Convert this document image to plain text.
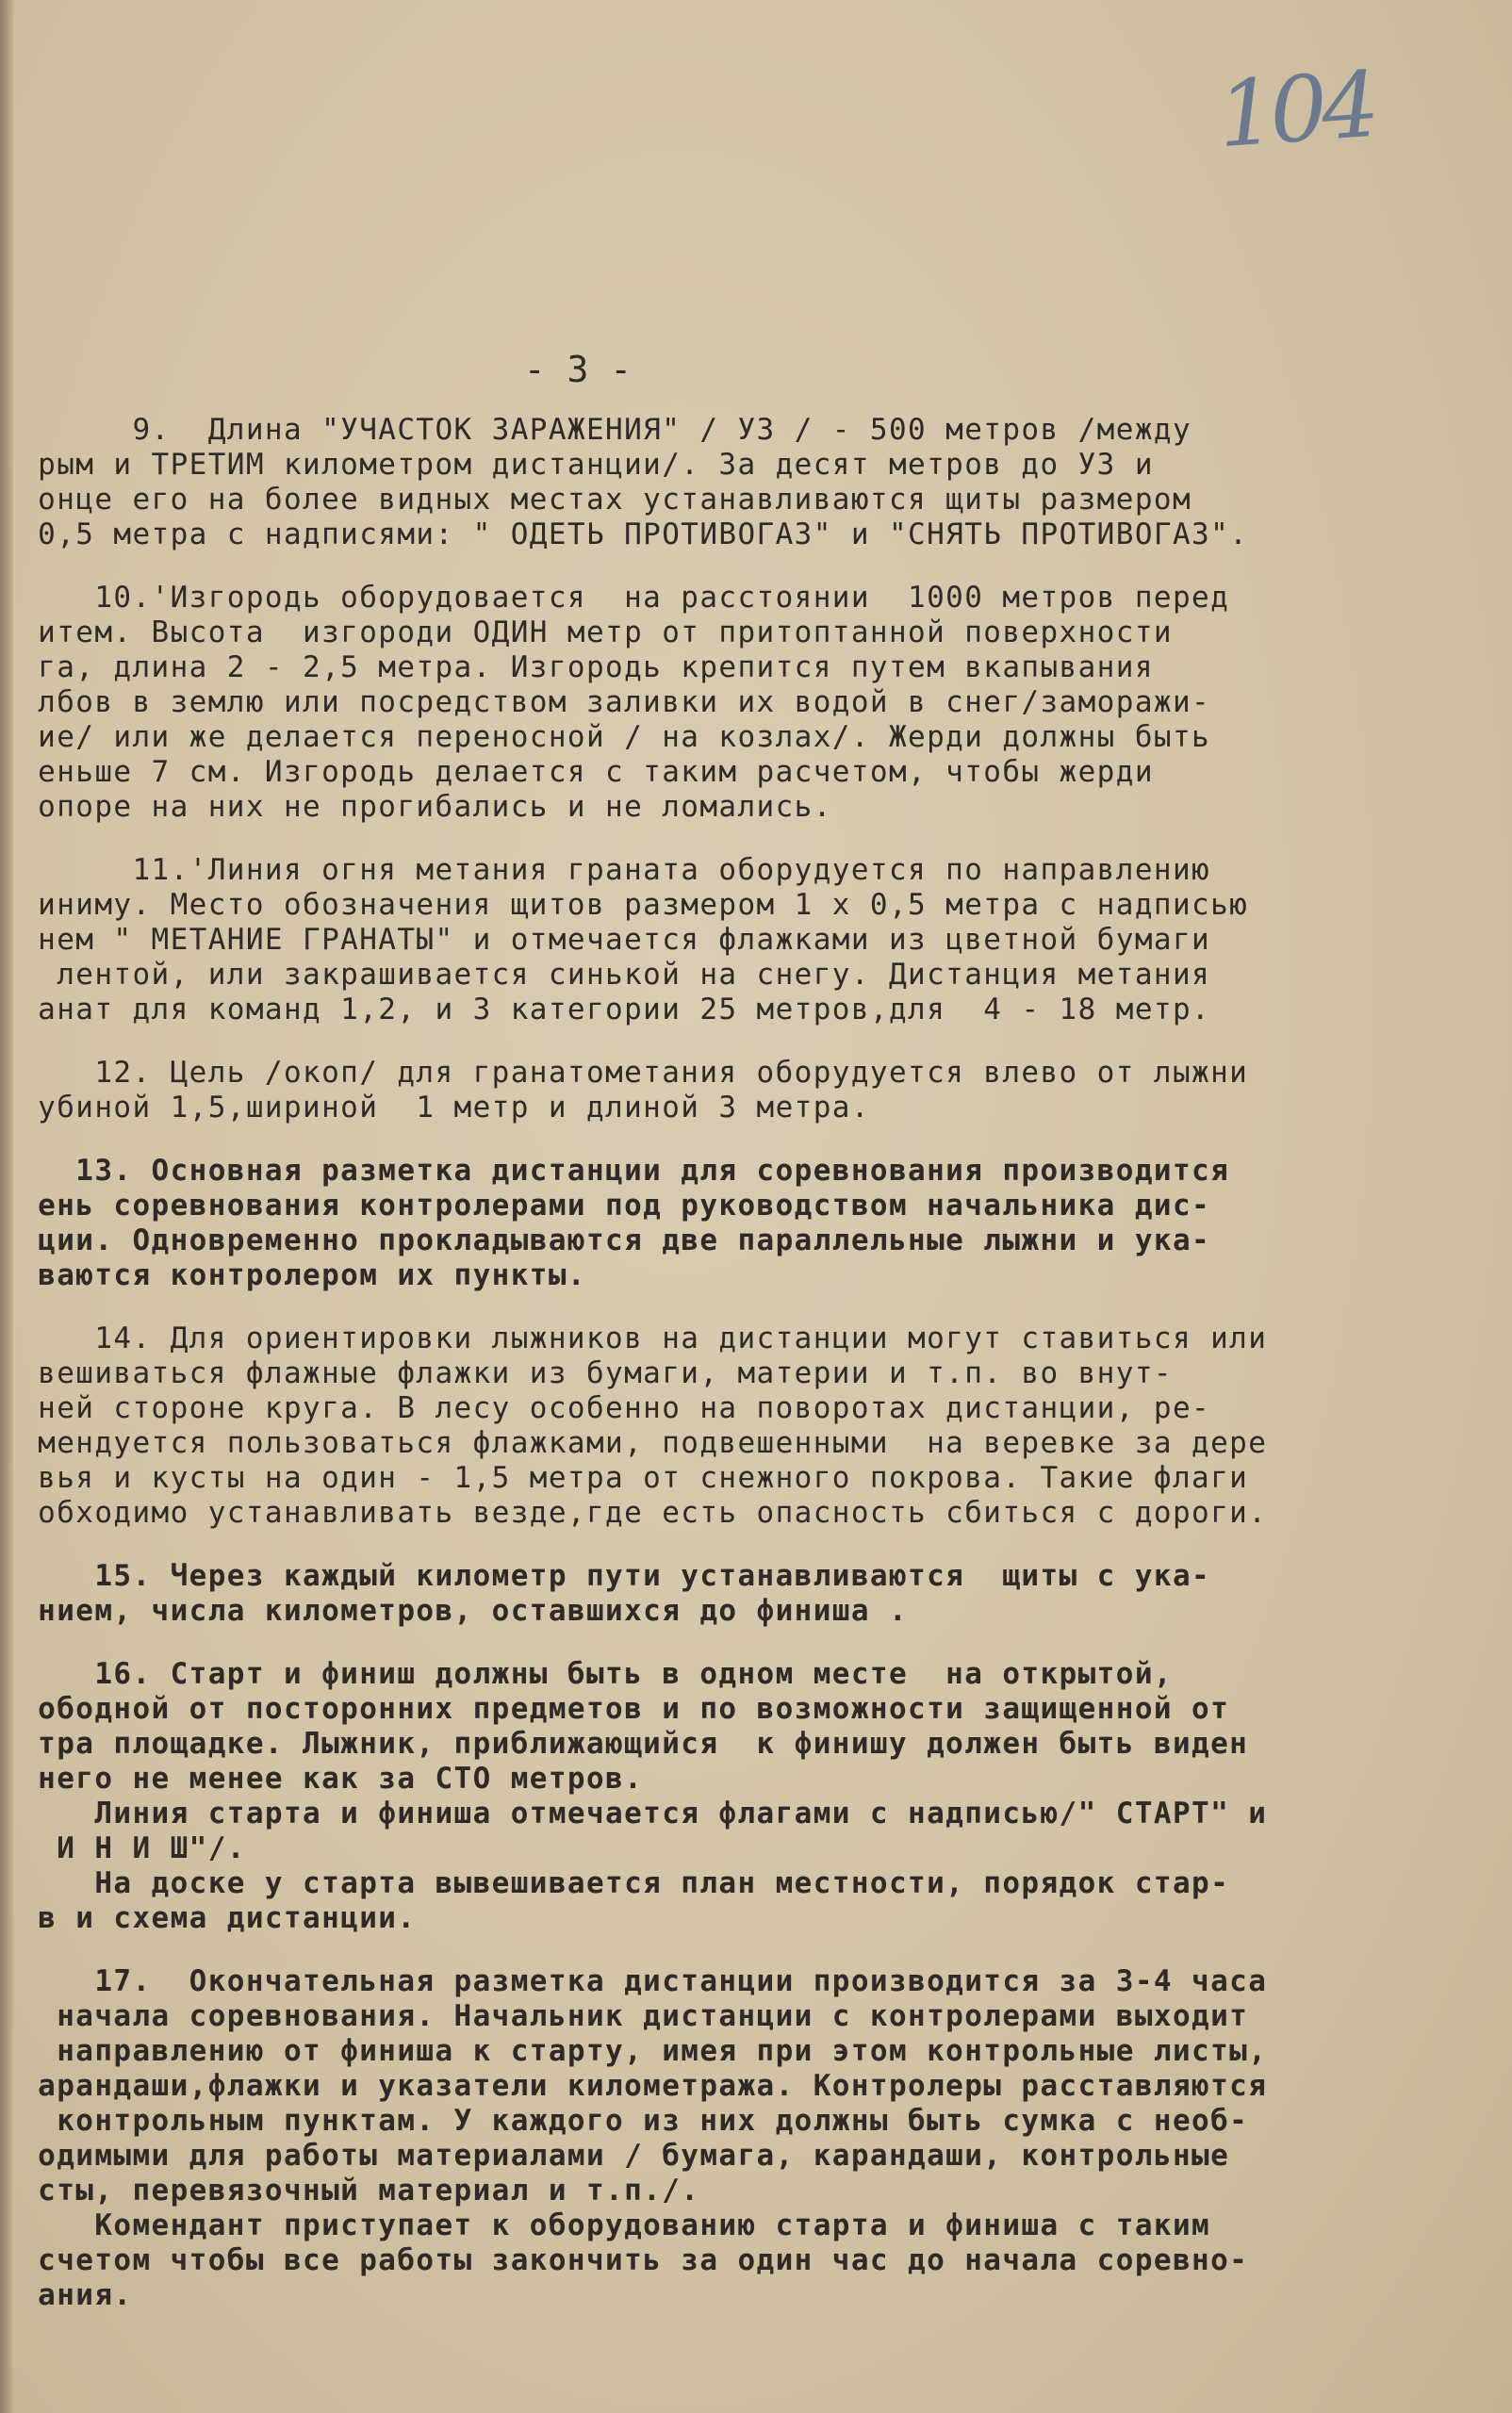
104
- 3 -
9.  Длина "УЧАСТОК ЗАРАЖЕНИЯ" / УЗ / - 500 метров /между
рым и ТРЕТИМ километром дистанции/. За десят метров до УЗ и
онце его на более видных местах устанавливаются щиты размером
0,5 метра с надписями: " ОДЕТЬ ПРОТИВОГАЗ" и "СНЯТЬ ПРОТИВОГАЗ".
10.'Изгородь оборудовается  на расстоянии  1000 метров перед
итем. Высота  изгороди ОДИН метр от притоптанной поверхности
га, длина 2 - 2,5 метра. Изгородь крепится путем вкапывания
лбов в землю или посредством заливки их водой в снег/заморажи-
ие/ или же делается переносной / на козлах/. Жерди должны быть
еньше 7 см. Изгородь делается с таким расчетом, чтобы жерди
опоре на них не прогибались и не ломались.
11.'Линия огня метания граната оборудуется по направлению
иниму. Место обозначения щитов размером 1 х 0,5 метра с надписью
нем " МЕТАНИЕ ГРАНАТЫ" и отмечается флажками из цветной бумаги
лентой, или закрашивается синькой на снегу. Дистанция метания
анат для команд 1,2, и 3 категории 25 метров,для  4 - 18 метр.
12. Цель /окоп/ для гранатометания оборудуется влево от лыжни
убиной 1,5,шириной  1 метр и длиной 3 метра.
13. Основная разметка дистанции для соревнования производится
ень соревнования контролерами под руководством начальника дис-
ции. Одновременно прокладываются две параллельные лыжни и ука-
ваются контролером их пункты.
14. Для ориентировки лыжников на дистанции могут ставиться или
вешиваться флажные флажки из бумаги, материи и т.п. во внут-
ней стороне круга. В лесу особенно на поворотах дистанции, ре-
мендуется пользоваться флажками, подвешенными  на веревке за дере
вья и кусты на один - 1,5 метра от снежного покрова. Такие флаги
обходимо устанавливать везде,где есть опасность сбиться с дороги.
15. Через каждый километр пути устанавливаются  щиты с ука-
нием, числа километров, оставшихся до финиша .
16. Старт и финиш должны быть в одном месте  на открытой,
ободной от посторонних предметов и по возможности защищенной от
тра площадке. Лыжник, приближающийся  к финишу должен быть виден
него не менее как за СТО метров.
Линия старта и финиша отмечается флагами с надписью/" СТАРТ" и
И Н И Ш"/.
На доске у старта вывешивается план местности, порядок стар-
в и схема дистанции.
17.  Окончательная разметка дистанции производится за 3-4 часа
начала соревнования. Начальник дистанции с контролерами выходит
направлению от финиша к старту, имея при этом контрольные листы,
арандаши,флажки и указатели километража. Контролеры расставляются
контрольным пунктам. У каждого из них должны быть сумка с необ-
одимыми для работы материалами / бумага, карандаши, контрольные
сты, перевязочный материал и т.п./.
Комендант приступает к оборудованию старта и финиша с таким
счетом чтобы все работы закончить за один час до начала соревно-
ания.
